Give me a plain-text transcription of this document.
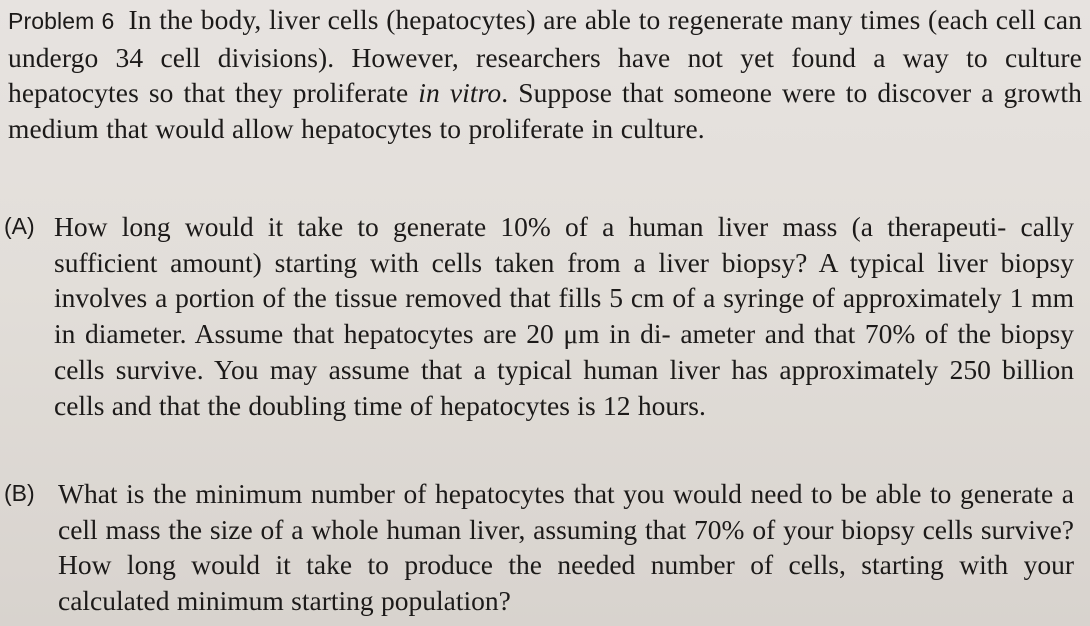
Problem 6 In the body, liver cells (hepatocytes) are able to regenerate many times (each cell can undergo 34 cell divisions). However, researchers have not yet found a way to culture hepatocytes so that they proliferate in vitro. Suppose that someone were to discover a growth medium that would allow hepatocytes to proliferate in culture.
(A) How long would it take to generate 10% of a human liver mass (a therapeuti- cally sufficient amount) starting with cells taken from a liver biopsy? A typical liver biopsy involves a portion of the tissue removed that fills 5 cm of a syringe of approximately 1 mm in diameter. Assume that hepatocytes are 20 μm in di- ameter and that 70% of the biopsy cells survive. You may assume that a typical human liver has approximately 250 billion cells and that the doubling time of hepatocytes is 12 hours.
(B) What is the minimum number of hepatocytes that you would need to be able to generate a cell mass the size of a whole human liver, assuming that 70% of your biopsy cells survive? How long would it take to produce the needed number of cells, starting with your calculated minimum starting population?
